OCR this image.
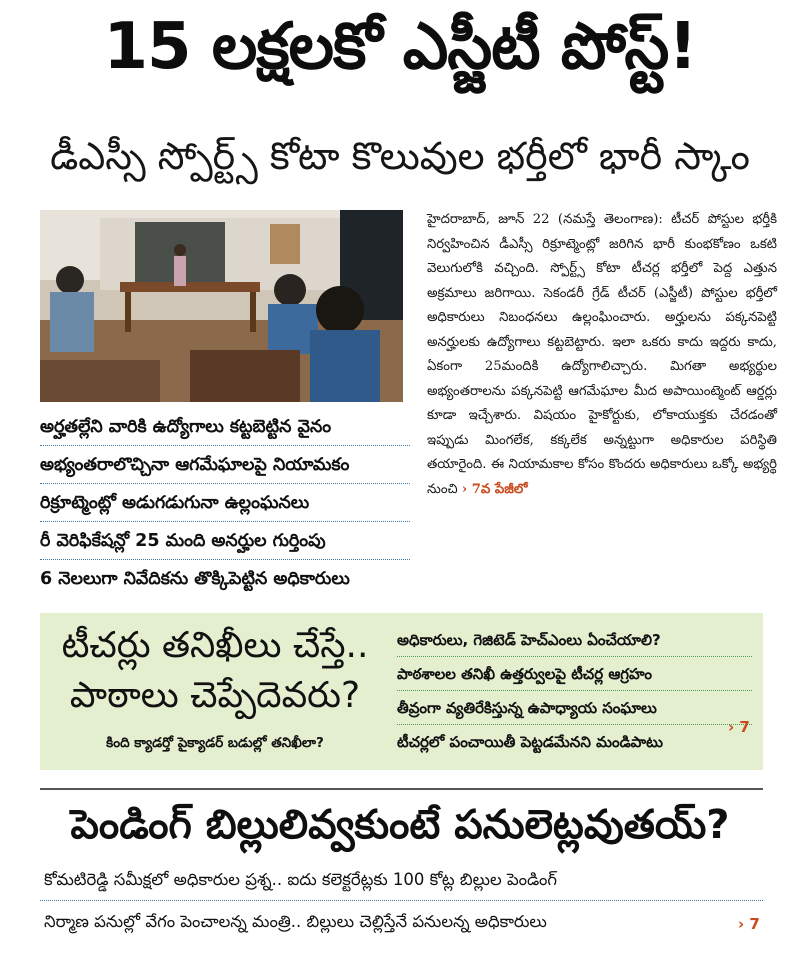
15 లక్షలకో ఎస్జీటీ పోస్ట్!
డీఎస్సీ స్పోర్ట్స్ కోటా కొలువుల భర్తీలో భారీ స్కాం
అర్హతల్లేని వారికి ఉద్యోగాలు కట్టబెట్టిన వైనం
అభ్యంతరాలొచ్చినా ఆగమేఘాలపై నియామకం
రిక్రూట్మెంట్లో అడుగడుగునా ఉల్లంఘనలు
రీ వెరిఫికేషన్లో 25 మంది అనర్హుల గుర్తింపు
6 నెలలుగా నివేదికను తొక్కిపెట్టిన అధికారులు
హైదరాబాద్, జూన్ 22 (నమస్తే తెలంగాణ): టీచర్ పోస్టుల భర్తీకి నిర్వహించిన డీఎస్సీ రిక్రూట్మెంట్లో జరిగిన భారీ కుంభకోణం ఒకటి వెలుగులోకి వచ్చింది. స్పోర్ట్స్ కోటా టీచర్ల భర్తీలో పెద్ద ఎత్తున అక్రమాలు జరిగాయి. సెకండరీ గ్రేడ్ టీచర్ (ఎస్జీటీ) పోస్టుల భర్తీలో అధికారులు నిబంధనలు ఉల్లంఘించారు. అర్హులను పక్కనపెట్టి అనర్హులకు ఉద్యోగాలు కట్టబెట్టారు. ఇలా ఒకరు కాదు ఇద్దరు కాదు, ఏకంగా 25మందికి ఉద్యోగాలిచ్చారు. మిగతా అభ్యర్థుల అభ్యంతరాలను పక్కనపెట్టి ఆగమేఘాల మీద అపాయింట్మెంట్ ఆర్డర్లు కూడా ఇచ్చేశారు. విషయం హైకోర్టుకు, లోకాయుక్తకు చేరడంతో ఇప్పుడు మింగలేక, కక్కలేక అన్నట్టుగా అధికారుల పరిస్థితి తయారైంది. ఈ నియామకాల కోసం కొందరు అధికారులు ఒక్కో అభ్యర్థి నుంచి › 7వ పేజీలో
టీచర్లు తనిఖీలు చేస్తే..
పాఠాలు చెప్పేదెవరు?
కింది క్యాడర్తో పైక్యాడర్ బడుల్లో తనిఖీలా?
అధికారులు, గెజిటెడ్ హెచ్ఎంలు ఏంచేయాలి?
పాఠశాలల తనిఖీ ఉత్తర్వులపై టీచర్ల ఆగ్రహం
తీవ్రంగా వ్యతిరేకిస్తున్న ఉపాధ్యాయ సంఘాలు
టీచర్లలో పంచాయితీ పెట్టడమేనని మండిపాటు
› 7
పెండింగ్ బిల్లులివ్వకుంటే పనులెట్లవుతయ్?
కోమటిరెడ్డి సమీక్షలో అధికారుల ప్రశ్న.. ఐదు కలెక్టరేట్లకు 100 కోట్ల బిల్లుల పెండింగ్
నిర్మాణ పనుల్లో వేగం పెంచాలన్న మంత్రి.. బిల్లులు చెల్లిస్తేనే పనులన్న అధికారులు	› 7
